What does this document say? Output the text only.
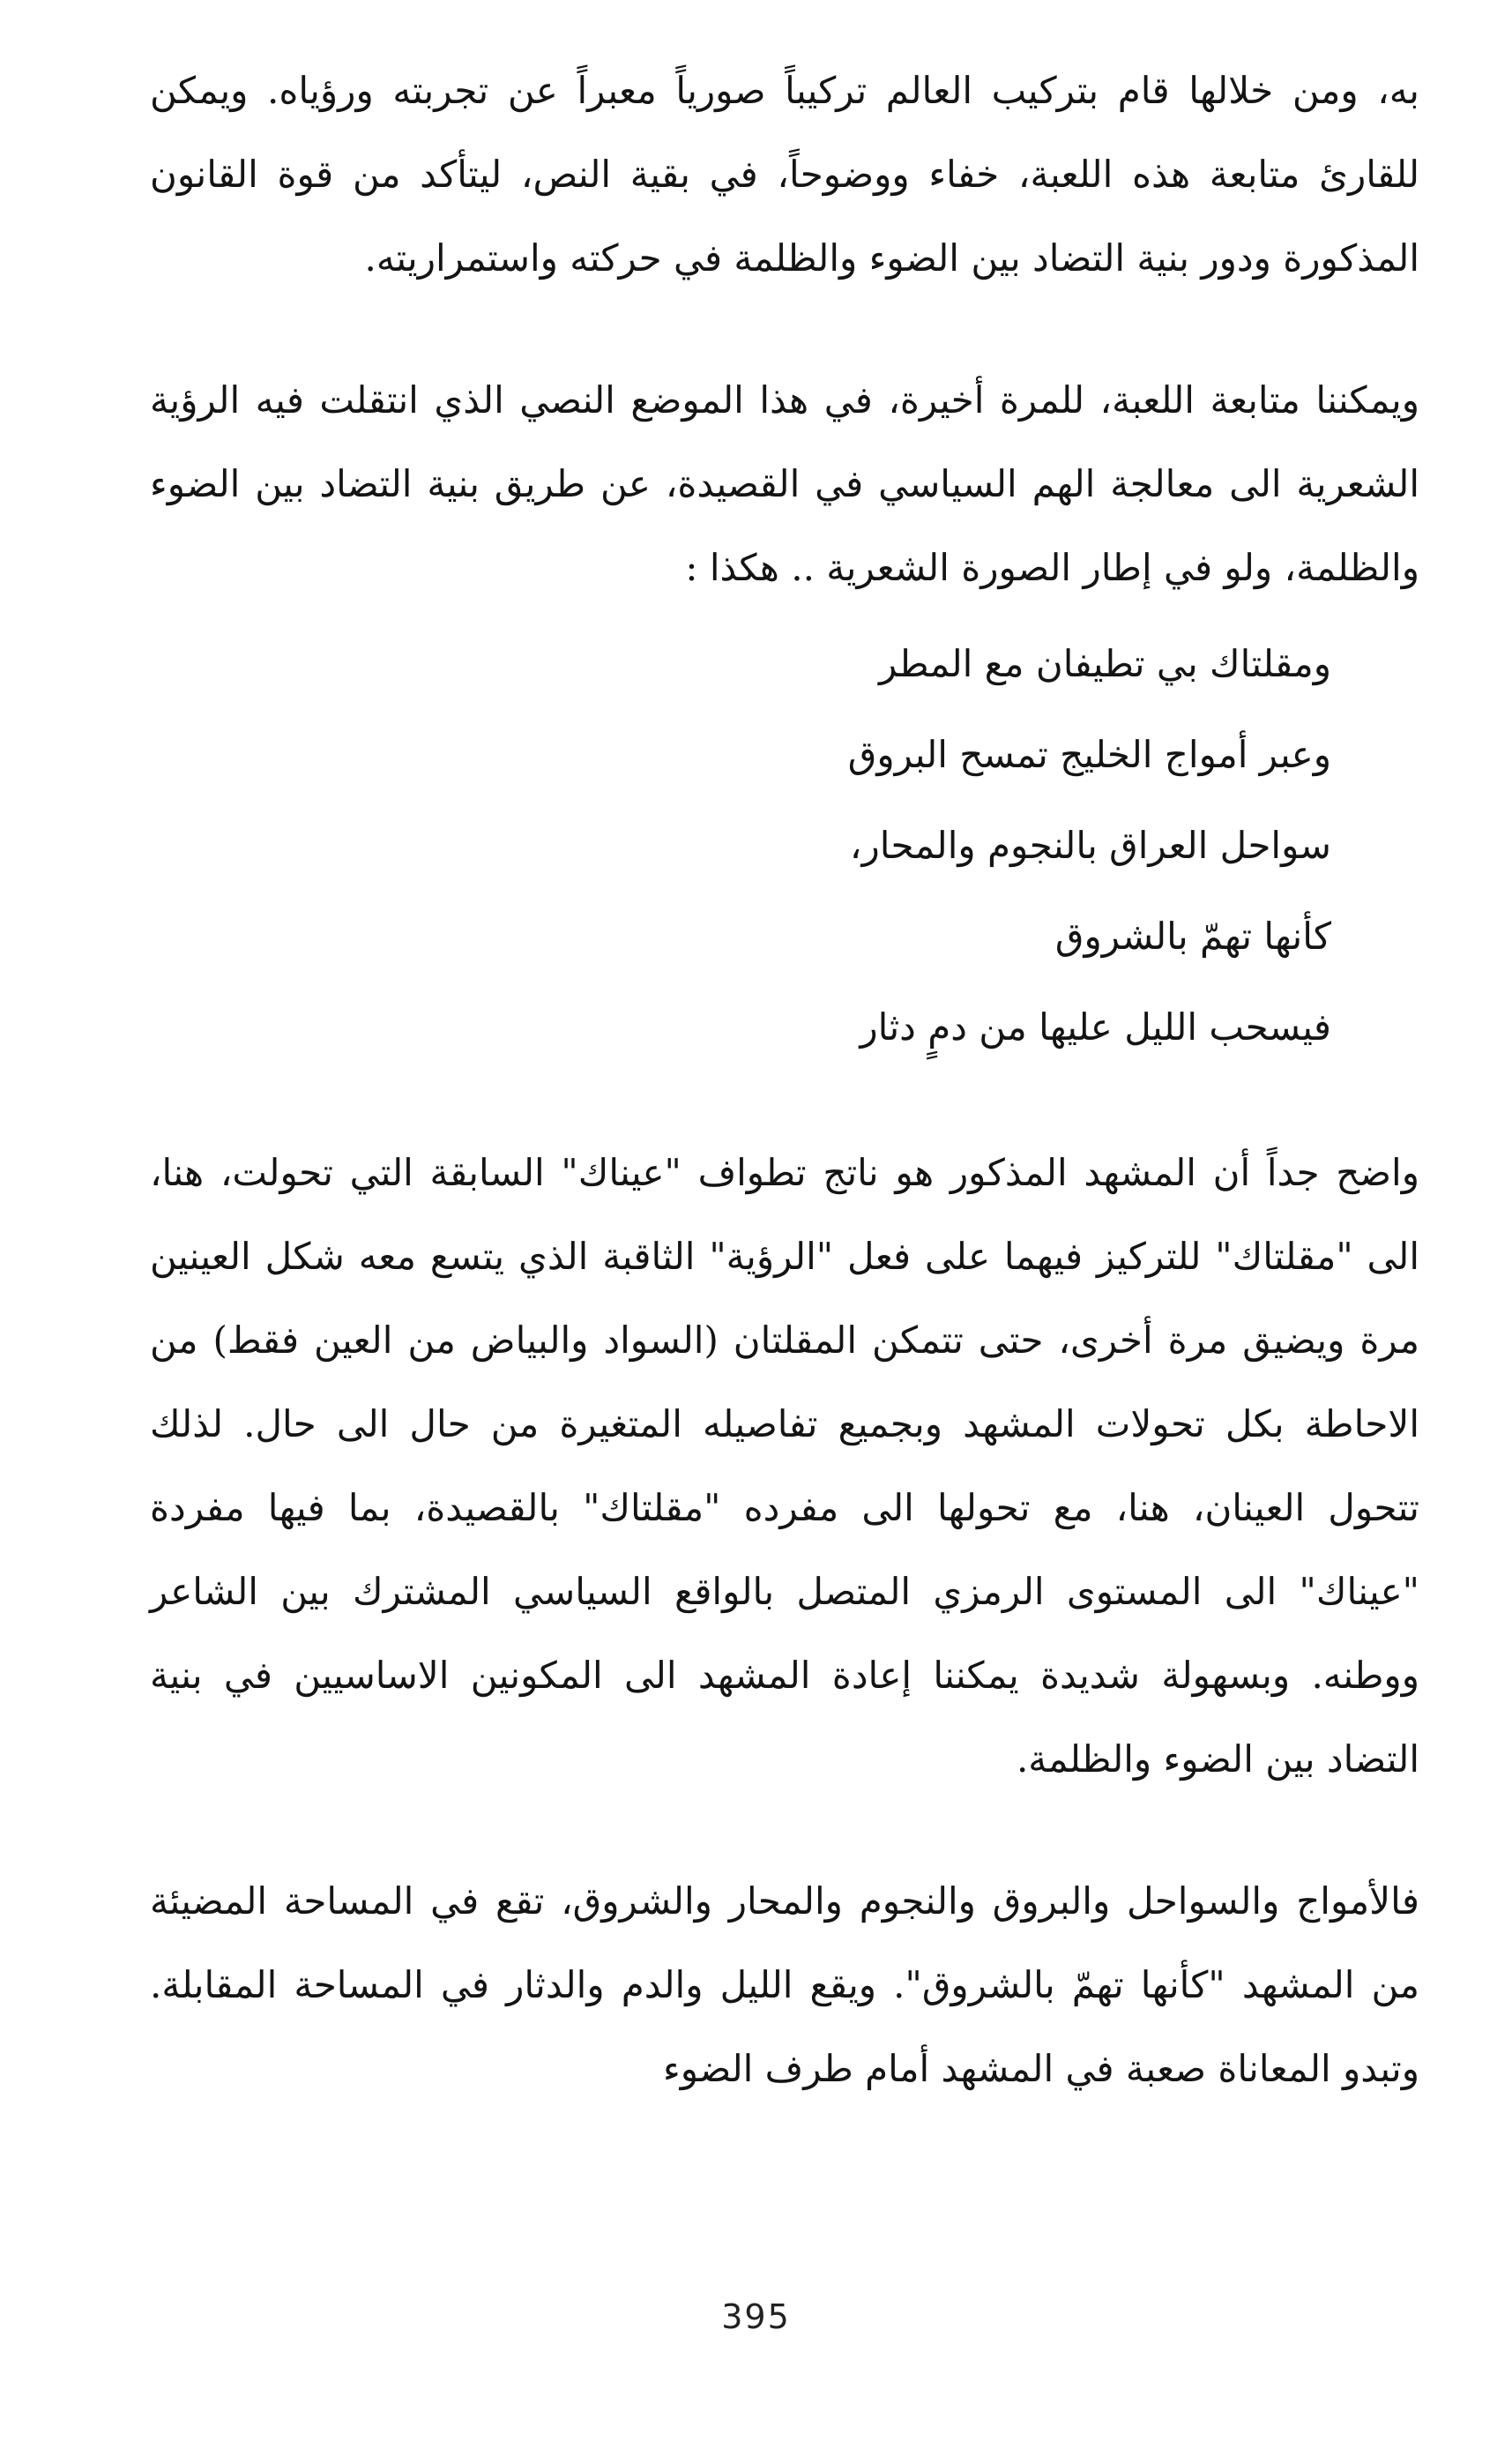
به، ومن خلالها قام بتركيب العالم تركيباً صورياً معبراً عن تجربته ورؤياه. ويمكن للقارئ متابعة هذه اللعبة، خفاء ووضوحاً، في بقية النص، ليتأكد من قوة القانون المذكورة ودور بنية التضاد بين الضوء والظلمة في حركته واستمراريته.

ويمكننا متابعة اللعبة، للمرة أخيرة، في هذا الموضع النصي الذي انتقلت فيه الرؤية الشعرية الى معالجة الهم السياسي في القصيدة، عن طريق بنية التضاد بين الضوء والظلمة، ولو في إطار الصورة الشعرية .. هكذا :

ومقلتاك بي تطيفان مع المطر
وعبر أمواج الخليج تمسح البروق
سواحل العراق بالنجوم والمحار،
كأنها تهمّ بالشروق
فيسحب الليل عليها من دمٍ دثار

واضح جداً أن المشهد المذكور هو ناتج تطواف "عيناك" السابقة التي تحولت، هنا، الى "مقلتاك" للتركيز فيهما على فعل "الرؤية" الثاقبة الذي يتسع معه شكل العينين مرة ويضيق مرة أخرى، حتى تتمكن المقلتان (السواد والبياض من العين فقط) من الاحاطة بكل تحولات المشهد وبجميع تفاصيله المتغيرة من حال الى حال. لذلك تتحول العينان، هنا، مع تحولها الى مفرده "مقلتاك" بالقصيدة، بما فيها مفردة "عيناك" الى المستوى الرمزي المتصل بالواقع السياسي المشترك بين الشاعر ووطنه. وبسهولة شديدة يمكننا إعادة المشهد الى المكونين الاساسيين في بنية التضاد بين الضوء والظلمة.

فالأمواج والسواحل والبروق والنجوم والمحار والشروق، تقع في المساحة المضيئة من المشهد "كأنها تهمّ بالشروق". ويقع الليل والدم والدثار في المساحة المقابلة. وتبدو المعاناة صعبة في المشهد أمام طرف الضوء

395
